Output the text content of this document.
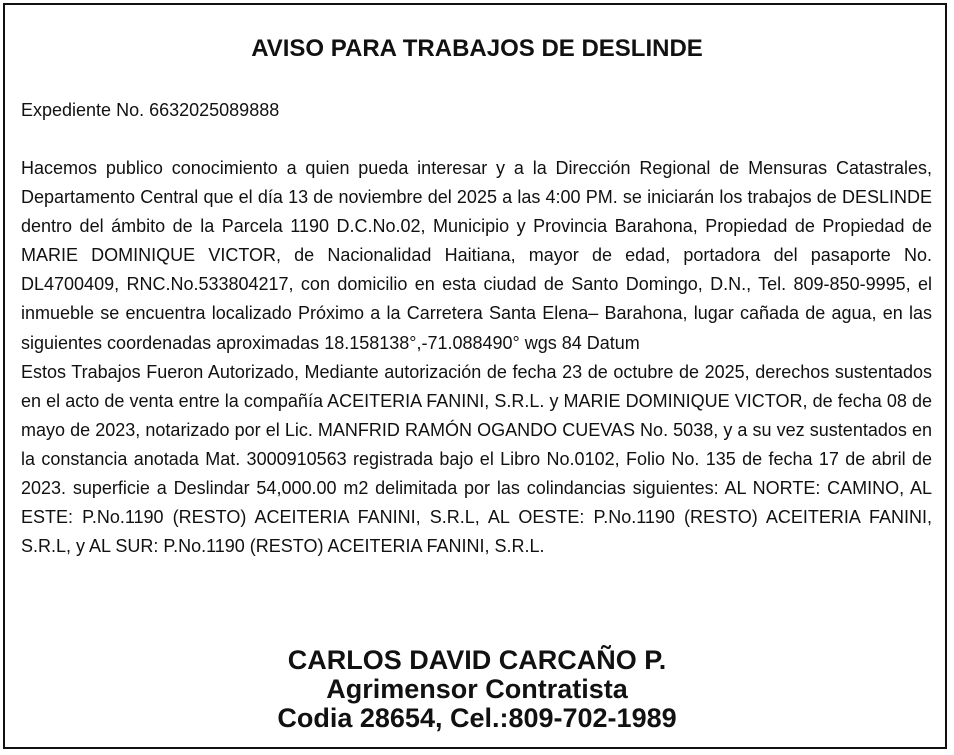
AVISO PARA TRABAJOS DE DESLINDE
Expediente No. 6632025089888

Hacemos publico conocimiento a quien pueda interesar y a la Dirección Regional de Mensuras Catastrales, Departamento Central que el día 13 de noviembre del 2025 a las 4:00 PM. se iniciarán los trabajos de DESLINDE dentro del ámbito de la Parcela 1190 D.C.No.02, Municipio y Provincia Barahona, Propiedad de Propiedad de MARIE DOMINIQUE VICTOR, de Nacionalidad Haitiana, mayor de edad, portadora del pasaporte No. DL4700409, RNC.No.533804217, con domicilio en esta ciudad de Santo Domingo, D.N., Tel. 809-850-9995, el inmueble se encuentra localizado Próximo a la Carretera Santa Elena– Barahona, lugar cañada de agua, en las siguientes coordenadas aproximadas 18.158138°,-71.088490° wgs 84 Datum

Estos Trabajos Fueron Autorizado, Mediante autorización de fecha 23 de octubre de 2025, derechos sustentados en el acto de venta entre la compañía ACEITERIA FANINI, S.R.L. y MARIE DOMINIQUE VICTOR, de fecha 08 de mayo de 2023, notarizado por el Lic. MANFRID RAMÓN OGANDO CUEVAS No. 5038, y a su vez sustentados en la constancia anotada Mat. 3000910563 registrada bajo el Libro No.0102, Folio No. 135 de fecha 17 de abril de 2023. superficie a Deslindar 54,000.00 m2 delimitada por las colindancias siguientes: AL NORTE: CAMINO, AL ESTE: P.No.1190 (RESTO) ACEITERIA FANINI, S.R.L, AL OESTE: P.No.1190 (RESTO) ACEITERIA FANINI, S.R.L, y AL SUR: P.No.1190 (RESTO) ACEITERIA FANINI, S.R.L.

CARLOS DAVID CARCAÑO P.
Agrimensor Contratista
Codia 28654, Cel.:809-702-1989
